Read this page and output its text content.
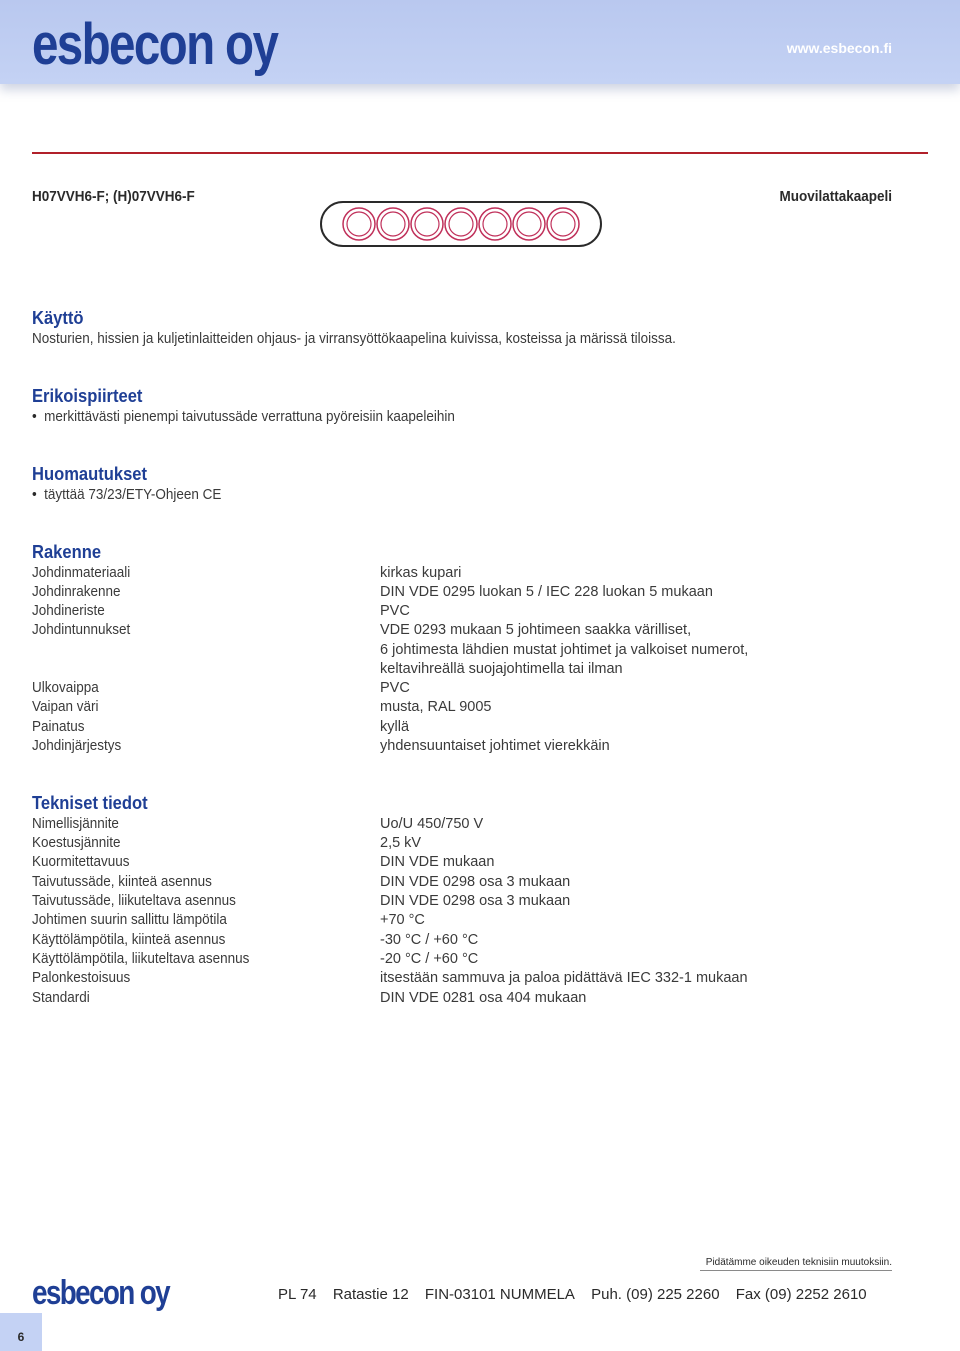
esbecon oy	www.esbecon.fi
H07VVH6-F; (H)07VVH6-F	Muovilattakaapeli
Käyttö
Nosturien, hissien ja kuljetinlaitteiden ohjaus- ja virransyöttökaapelina kuivissa, kosteissa ja märissä tiloissa.
Erikoispiirteet
• merkittävästi pienempi taivutussäde verrattuna pyöreisiin kaapeleihin
Huomautukset
• täyttää 73/23/ETY-Ohjeen CE
Rakenne
Johdinmateriaali	kirkas kupari
Johdinrakenne	DIN VDE 0295 luokan 5 / IEC 228 luokan 5 mukaan
Johdineriste	PVC
Johdintunnukset	VDE 0293 mukaan 5 johtimeen saakka värilliset,
6 johtimesta lähdien mustat johtimet ja valkoiset numerot,
keltavihreällä suojajohtimella tai ilman
Ulkovaippa	PVC
Vaipan väri	musta, RAL 9005
Painatus	kyllä
Johdinjärjestys	yhdensuuntaiset johtimet vierekkäin
Tekniset tiedot
Nimellisjännite	Uo/U 450/750 V
Koestusjännite	2,5 kV
Kuormitettavuus	DIN VDE mukaan
Taivutussäde, kiinteä asennus	DIN VDE 0298 osa 3 mukaan
Taivutussäde, liikuteltava asennus	DIN VDE 0298 osa 3 mukaan
Johtimen suurin sallittu lämpötila	+70 °C
Käyttölämpötila, kiinteä asennus	-30 °C / +60 °C
Käyttölämpötila, liikuteltava asennus	-20 °C / +60 °C
Palonkestoisuus	itsestään sammuva ja paloa pidättävä IEC 332-1 mukaan
Standardi	DIN VDE 0281 osa 404 mukaan
Pidätämme oikeuden teknisiin muutoksiin.
esbecon oy	PL 74 Ratastie 12 FIN-03101 NUMMELA Puh. (09) 225 2260 Fax (09) 2252 2610
6
